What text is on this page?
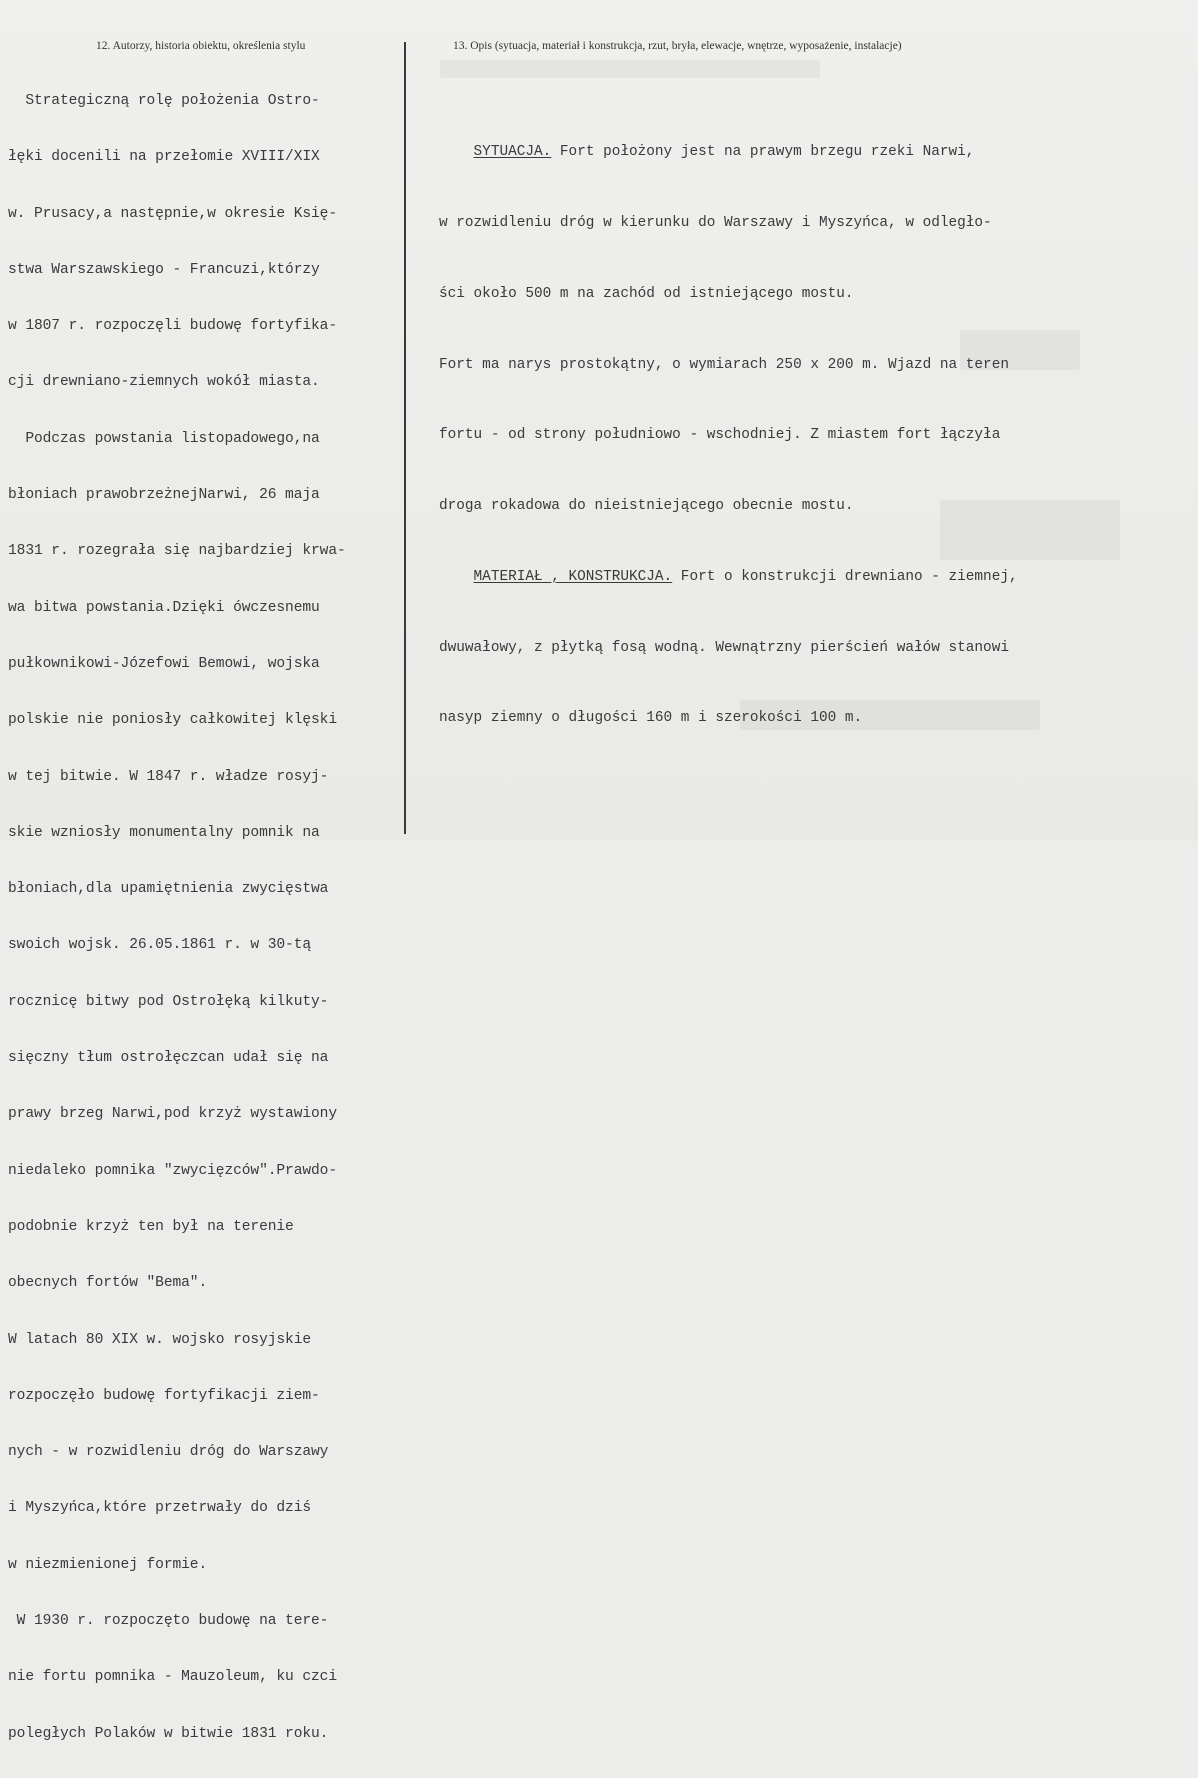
12. Autorzy, historia obiektu, określenia stylu	13. Opis (sytuacja, materiał i konstrukcja, rzut, bryła, elewacje, wnętrze, wyposażenie, instalacje)

Strategiczną rolę położenia Ostro-

łęki docenili na przełomie XVIII/XIX

w. Prusacy,a następnie,w okresie Księ-

stwa Warszawskiego - Francuzi,którzy

w 1807 r. rozpoczęli budowę fortyfika-

cji drewniano-ziemnych wokół miasta.

Podczas powstania listopadowego,na

błoniach prawobrzeżnejNarwi, 26 maja

1831 r. rozegrała się najbardziej krwa-

wa bitwa powstania.Dzięki ówczesnemu

pułkownikowi-Józefowi Bemowi, wojska

polskie nie poniosły całkowitej klęski

w tej bitwie. W 1847 r. władze rosyj-

skie wzniosły monumentalny pomnik na

błoniach,dla upamiętnienia zwycięstwa

swoich wojsk. 26.05.1861 r. w 30-tą

rocznicę bitwy pod Ostrołęką kilkuty-

sięczny tłum ostrołęczcan udał się na

prawy brzeg Narwi,pod krzyż wystawiony

niedaleko pomnika "zwycięzców".Prawdo-

podobnie krzyż ten był na terenie

obecnych fortów "Bema".

W latach 80 XIX w. wojsko rosyjskie

rozpoczęło budowę fortyfikacji ziem-

nych - w rozwidleniu dróg do Warszawy

i Myszyńca,które przetrwały do dziś

w niezmienionej formie.

W 1930 r. rozpoczęto budowę na tere-

nie fortu pomnika - Mauzoleum, ku czci

poległych Polaków w bitwie 1831 roku.

SYTUACJA. Fort położony jest na prawym brzegu rzeki Narwi,

w rozwidleniu dróg w kierunku do Warszawy i Myszyńca, w odległo-

ści około 500 m na zachód od istniejącego mostu.

Fort ma narys prostokątny, o wymiarach 250 x 200 m. Wjazd na teren

fortu - od strony południowo - wschodniej. Z miastem fort łączyła

droga rokadowa do nieistniejącego obecnie mostu.

MATERIAŁ , KONSTRUKCJA. Fort o konstrukcji drewniano - ziemnej,

dwuwałowy, z płytką fosą wodną. Wewnątrzny pierścień wałów stanowi

nasyp ziemny o długości 160 m i szerokości 100 m.
